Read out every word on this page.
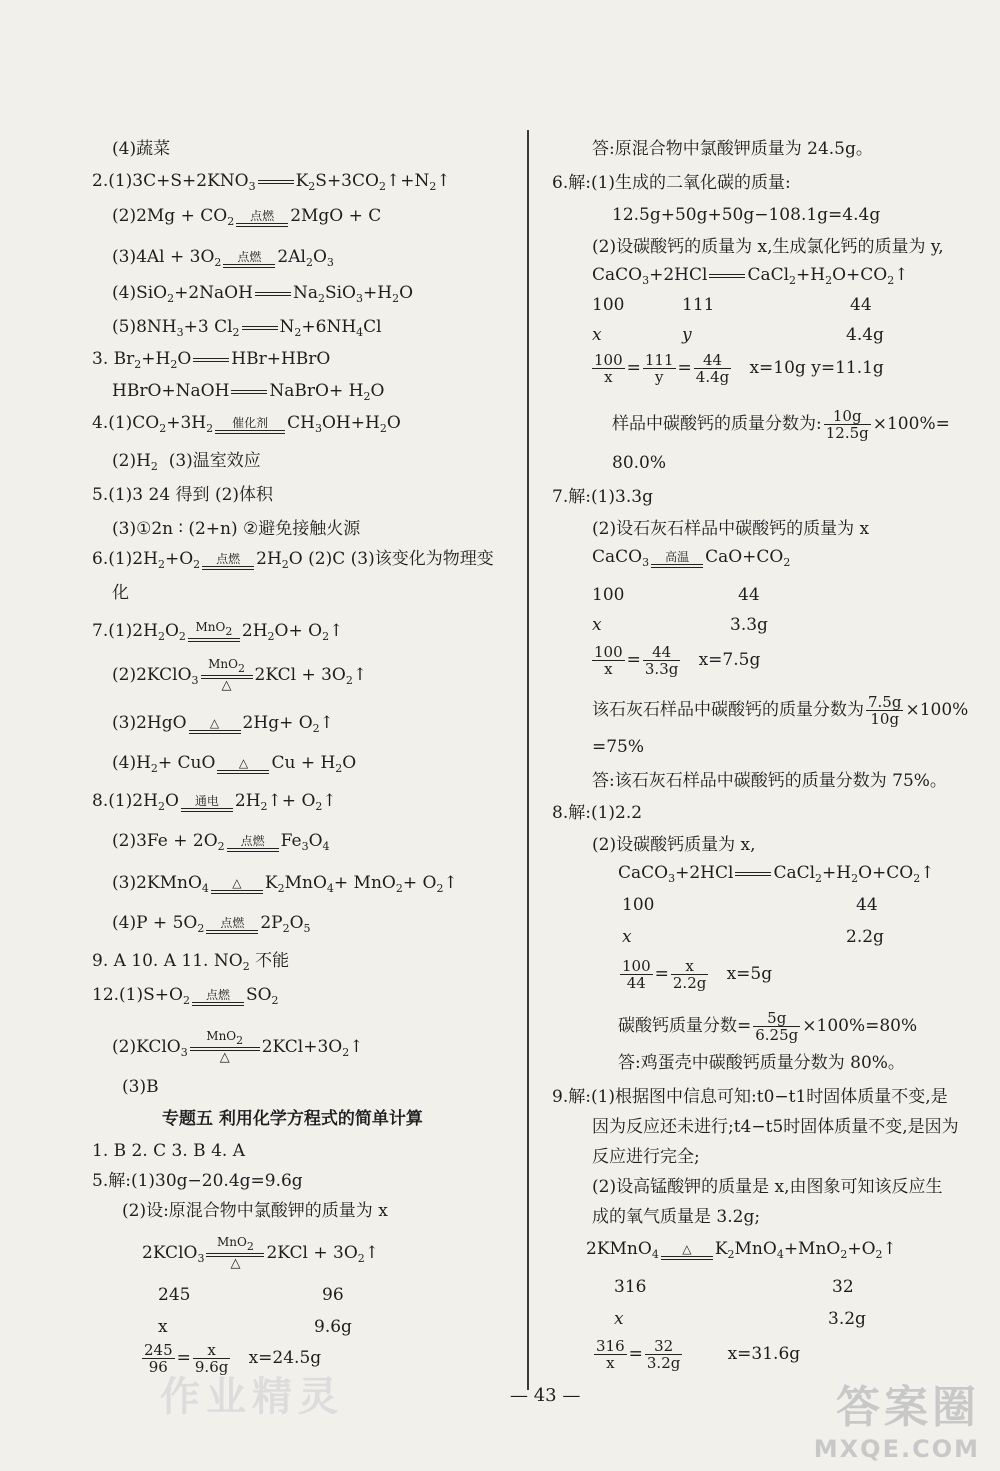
(4)蔬菜
$2.(1)3C+S+2KNO_3$ $K_2S+3CO_2↑+N_2↑$
$(2)2Mg + CO_2$	点燃 2MgO + C
$(3)4Al + 3O_2$	点燃 $2Al_2O_3$
(4)SiO$_2$+2NaOH $Na_2SiO_3+H_2O$
$(5)8NH_3+3$ $Cl_2$ $N_2+6NH_4Cl$
3. $Br_2+H_2O$ HBr+HBrO
HBrO+NaOH NaBrO+ $H_2O$
$4.(1)CO_2+3H_2$	催化剂	$CH_3OH+H_2O$
$(2)H_2$ (3)温室效应
5.(1)3 24 得到 (2)体积
(3)①2n ∶ (2+n) ②避免接触火源
$6.(1)2H_2+O_2$	点燃 $2H_2O$ (2)C (3)该变化为物理变
化
$7.(1)2H_2O_2$
MnO2 $2H_2O+$ $O_2↑$
(2)2KClO$_3$
MnO2
△
$2KCl + 3O_2↑$
(3)2HgO	△	$2Hg+ O_2↑$
$(4)H_2+$ CuO	△	$Cu + H_2O$
$8.(1)2H_2O$	通电 $2H_2↑+$ $O_2↑$
$(2)3Fe + 2O_2$	点燃 $Fe_3O_4$
(3)2KMnO$_4$	△	$K_2MnO_4+ MnO_2+$ $O_2↑$
$(4)P + 5O_2$	点燃 $2P_2O_5$
9. A 10. A 11. $NO_2$ 不能
$12.(1)S+O_2$	点燃 $SO_2$
(2)KClO$_3$
MnO2
△
$2KCl+3O_2↑$
(3)B
专题五 利用化学方程式的简单计算
1. B 2. C 3. B 4. A
5.解:(1)30g−20.4g=9.6g
(2)设:原混合物中氯酸钾的质量为 x
2KClO$_3$
MnO2
△
$2KCl + 3O_2↑$
245	96
x	9.6g
$\frac{245}{96} = \frac{x}{9.6g} x=24.5g$
答:原混合物中氯酸钾质量为 24.5g。
6.解:(1)生成的二氧化碳的质量:
12.5g+50g+50g−108.1g=4.4g
(2)设碳酸钙的质量为 x,生成氯化钙的质量为 y,
CaCO$_3$+2HCl $CaCl_2+H_2O+CO_2↑$
100	111	44
x	y	4.4g
$\frac{100}{x} = \frac{111}{y} = \frac{44}{4.4g} x=10g$ y=11.1g
样品中碳酸钙的质量分数为: $\frac{10g}{12.5g} \times 100\%=$
80.0%
7.解:(1)3.3g
(2)设石灰石样品中碳酸钙的质量为 x
CaCO$_3$	高温 $CaO+CO_2$
100	44
x	3.3g
$\frac{100}{x} = \frac{44}{3.3g} x=7.5g$
该石灰石样品中碳酸钙的质量分数为 $\frac{7.5g}{10g} \times 100\%$
=75%
答:该石灰石样品中碳酸钙的质量分数为 75%。
8.解:(1)2.2
(2)设碳酸钙质量为 x,
CaCO$_3$+2HCl $CaCl_2+H_2O+CO_2↑$
100	44
x	2.2g
$\frac{100}{44} = \frac{x}{2.2g} x=5g$
碳酸钙质量分数= $\frac{5g}{6.25g} \times 100\%=80\%$
答:鸡蛋壳中碳酸钙质量分数为 80%。
9.解:(1)根据图中信息可知:t0−t1时固体质量不变,是
因为反应还未进行;t4−t5时固体质量不变,是因为
反应进行完全;
(2)设高锰酸钾的质量是 x,由图象可知该反应生
成的氧气质量是 3.2g;
2KMnO$_4$	△	$K_2MnO_4+MnO_2+O_2↑$
316	32
x	3.2g
$\frac{316}{x} = \frac{32}{3.2g}$	x=31.6g
— 43 —
作业精灵	答案圈
MXQE.COM
